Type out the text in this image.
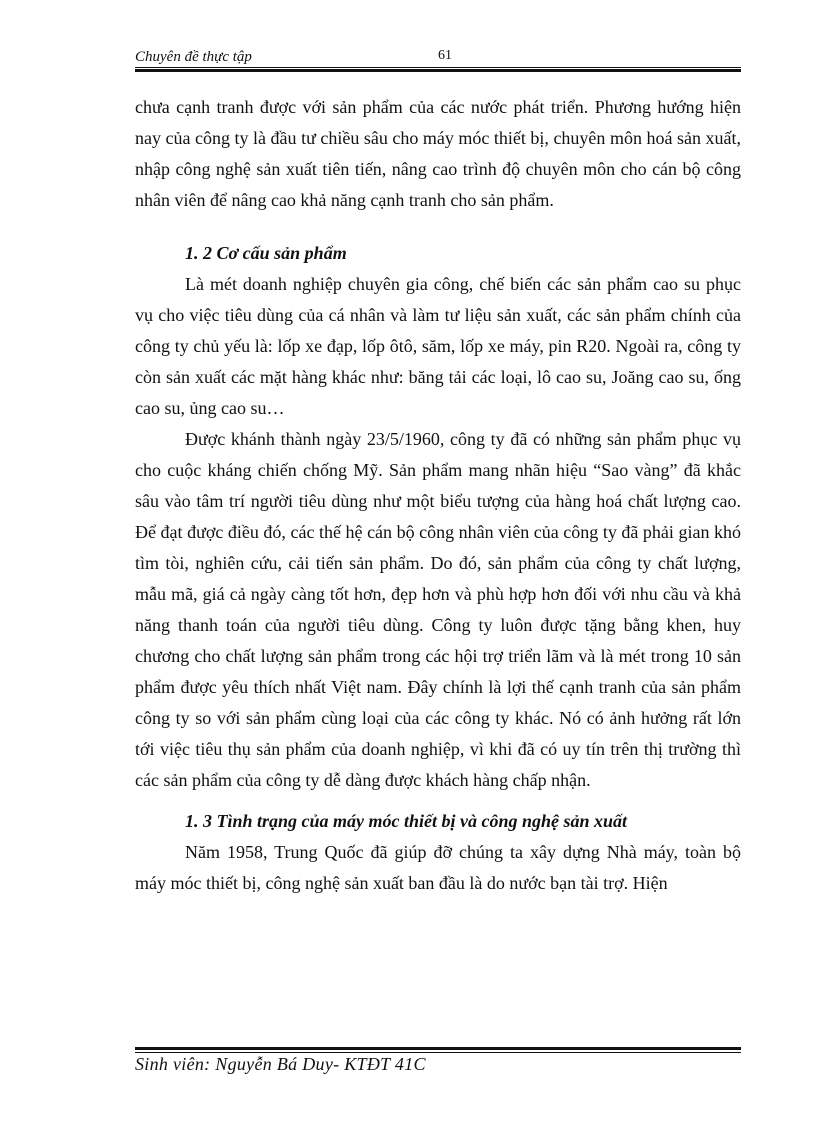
Chuyên đề thực tập	61

chưa cạnh tranh được với sản phẩm của các nước phát triển. Phương hướng hiện nay của công ty là đầu tư chiều sâu cho máy móc thiết bị, chuyên môn hoá sản xuất, nhập công nghệ sản xuất tiên tiến, nâng cao trình độ chuyên môn cho cán bộ công nhân viên để nâng cao khả năng cạnh tranh cho sản phẩm.

1. 2 Cơ cấu sản phẩm

Là mét doanh nghiệp chuyên gia công, chế biến các sản phẩm cao su phục vụ cho việc tiêu dùng của cá nhân và làm tư liệu sản xuất, các sản phẩm chính của công ty chủ yếu là: lốp xe đạp, lốp ôtô, săm, lốp xe máy, pin R20. Ngoài ra, công ty còn sản xuất các mặt hàng khác như: băng tải các loại, lô cao su, Joăng cao su, ống cao su, ủng cao su…

Được khánh thành ngày 23/5/1960, công ty đã có những sản phẩm phục vụ cho cuộc kháng chiến chống Mỹ. Sản phẩm mang nhãn hiệu “Sao vàng” đã khắc sâu vào tâm trí người tiêu dùng như một biểu tượng của hàng hoá chất lượng cao. Để đạt được điều đó, các thế hệ cán bộ công nhân viên của công ty đã phải gian khó tìm tòi, nghiên cứu, cải tiến sản phẩm. Do đó, sản phẩm của công ty chất lượng, mẫu mã, giá cả ngày càng tốt hơn, đẹp hơn và phù hợp hơn đối với nhu cầu và khả năng thanh toán của người tiêu dùng. Công ty luôn được tặng bằng khen, huy chương cho chất lượng sản phẩm trong các hội trợ triển lãm và là mét trong 10 sản phẩm được yêu thích nhất Việt nam. Đây chính là lợi thế cạnh tranh của sản phẩm công ty so với sản phẩm cùng loại của các công ty khác. Nó có ảnh hưởng rất lớn tới việc tiêu thụ sản phẩm của doanh nghiệp, vì khi đã có uy tín trên thị trường thì các sản phẩm của công ty dễ dàng được khách hàng chấp nhận.

1. 3 Tình trạng của máy móc thiết bị và công nghệ sản xuất

Năm 1958, Trung Quốc đã giúp đỡ chúng ta xây dựng Nhà máy, toàn bộ máy móc thiết bị, công nghệ sản xuất ban đầu là do nước bạn tài trợ. Hiện

Sinh viên: Nguyễn Bá Duy- KTĐT 41C
